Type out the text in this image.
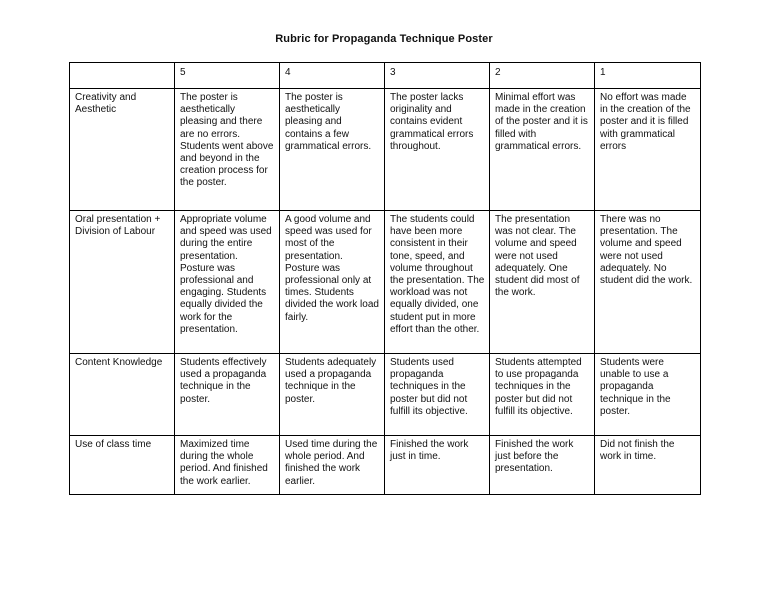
Rubric for Propaganda Technique Poster
	5	4	3	2	1
Creativity and Aesthetic	The poster is aesthetically pleasing and there are no errors. Students went above and beyond in the creation process for the poster.	The poster is aesthetically pleasing and contains a few grammatical errors.	The poster lacks originality and contains evident grammatical errors throughout.	Minimal effort was made in the creation of the poster and it is filled with grammatical errors.	No effort was made in the creation of the poster and it is filled with grammatical errors
Oral presentation + Division of Labour	Appropriate volume and speed was used during the entire presentation. Posture was professional and engaging. Students equally divided the work for the presentation.	A good volume and speed was used for most of the presentation. Posture was professional only at times. Students divided the work load fairly.	The students could have been more consistent in their tone, speed, and volume throughout the presentation. The workload was not equally divided, one student put in more effort than the other.	The presentation was not clear. The volume and speed were not used adequately. One student did most of the work.	There was no presentation. The volume and speed were not used adequately. No student did the work.
Content Knowledge	Students effectively used a propaganda technique in the poster.	Students adequately used a propaganda technique in the poster.	Students used propaganda techniques in the poster but did not fulfill its objective.	Students attempted to use propaganda techniques in the poster but did not fulfill its objective.	Students were unable to use a propaganda technique in the poster.
Use of class time	Maximized time during the whole period. And finished the work earlier.	Used time during the whole period. And finished the work earlier.	Finished the work just in time.	Finished the work just before the presentation.	Did not finish the work in time.
